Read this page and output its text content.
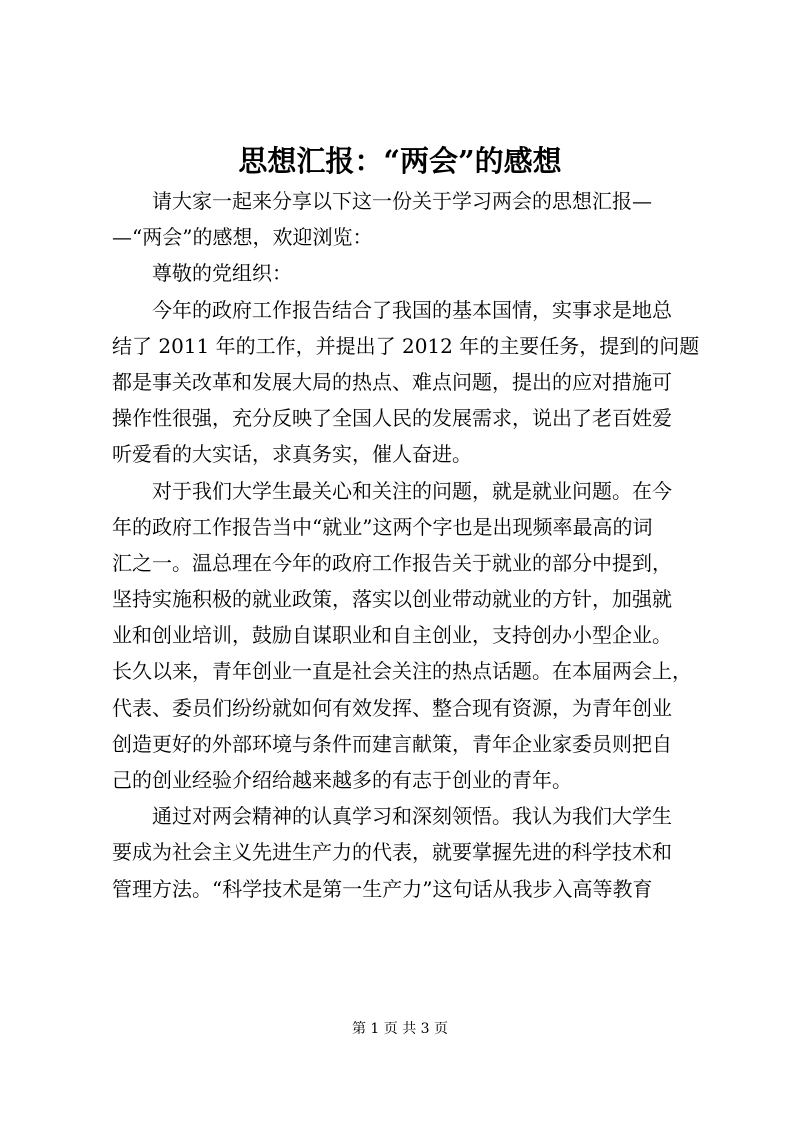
思想汇报：“两会”的感想
　　请大家一起来分享以下这一份关于学习两会的思想汇报—
—“两会”的感想，欢迎浏览：
　　尊敬的党组织：
　　今年的政府工作报告结合了我国的基本国情，实事求是地总
结了 2011 年的工作，并提出了 2012 年的主要任务，提到的问题
都是事关改革和发展大局的热点、难点问题，提出的应对措施可
操作性很强，充分反映了全国人民的发展需求，说出了老百姓爱
听爱看的大实话，求真务实，催人奋进。
　　对于我们大学生最关心和关注的问题，就是就业问题。在今
年的政府工作报告当中“就业”这两个字也是出现频率最高的词
汇之一。温总理在今年的政府工作报告关于就业的部分中提到，
坚持实施积极的就业政策，落实以创业带动就业的方针，加强就
业和创业培训，鼓励自谋职业和自主创业，支持创办小型企业。
长久以来，青年创业一直是社会关注的热点话题。在本届两会上，
代表、委员们纷纷就如何有效发挥、整合现有资源，为青年创业
创造更好的外部环境与条件而建言献策，青年企业家委员则把自
己的创业经验介绍给越来越多的有志于创业的青年。
　　通过对两会精神的认真学习和深刻领悟。我认为我们大学生
要成为社会主义先进生产力的代表，就要掌握先进的科学技术和
管理方法。“科学技术是第一生产力”这句话从我步入高等教育
第 1 页 共 3 页
